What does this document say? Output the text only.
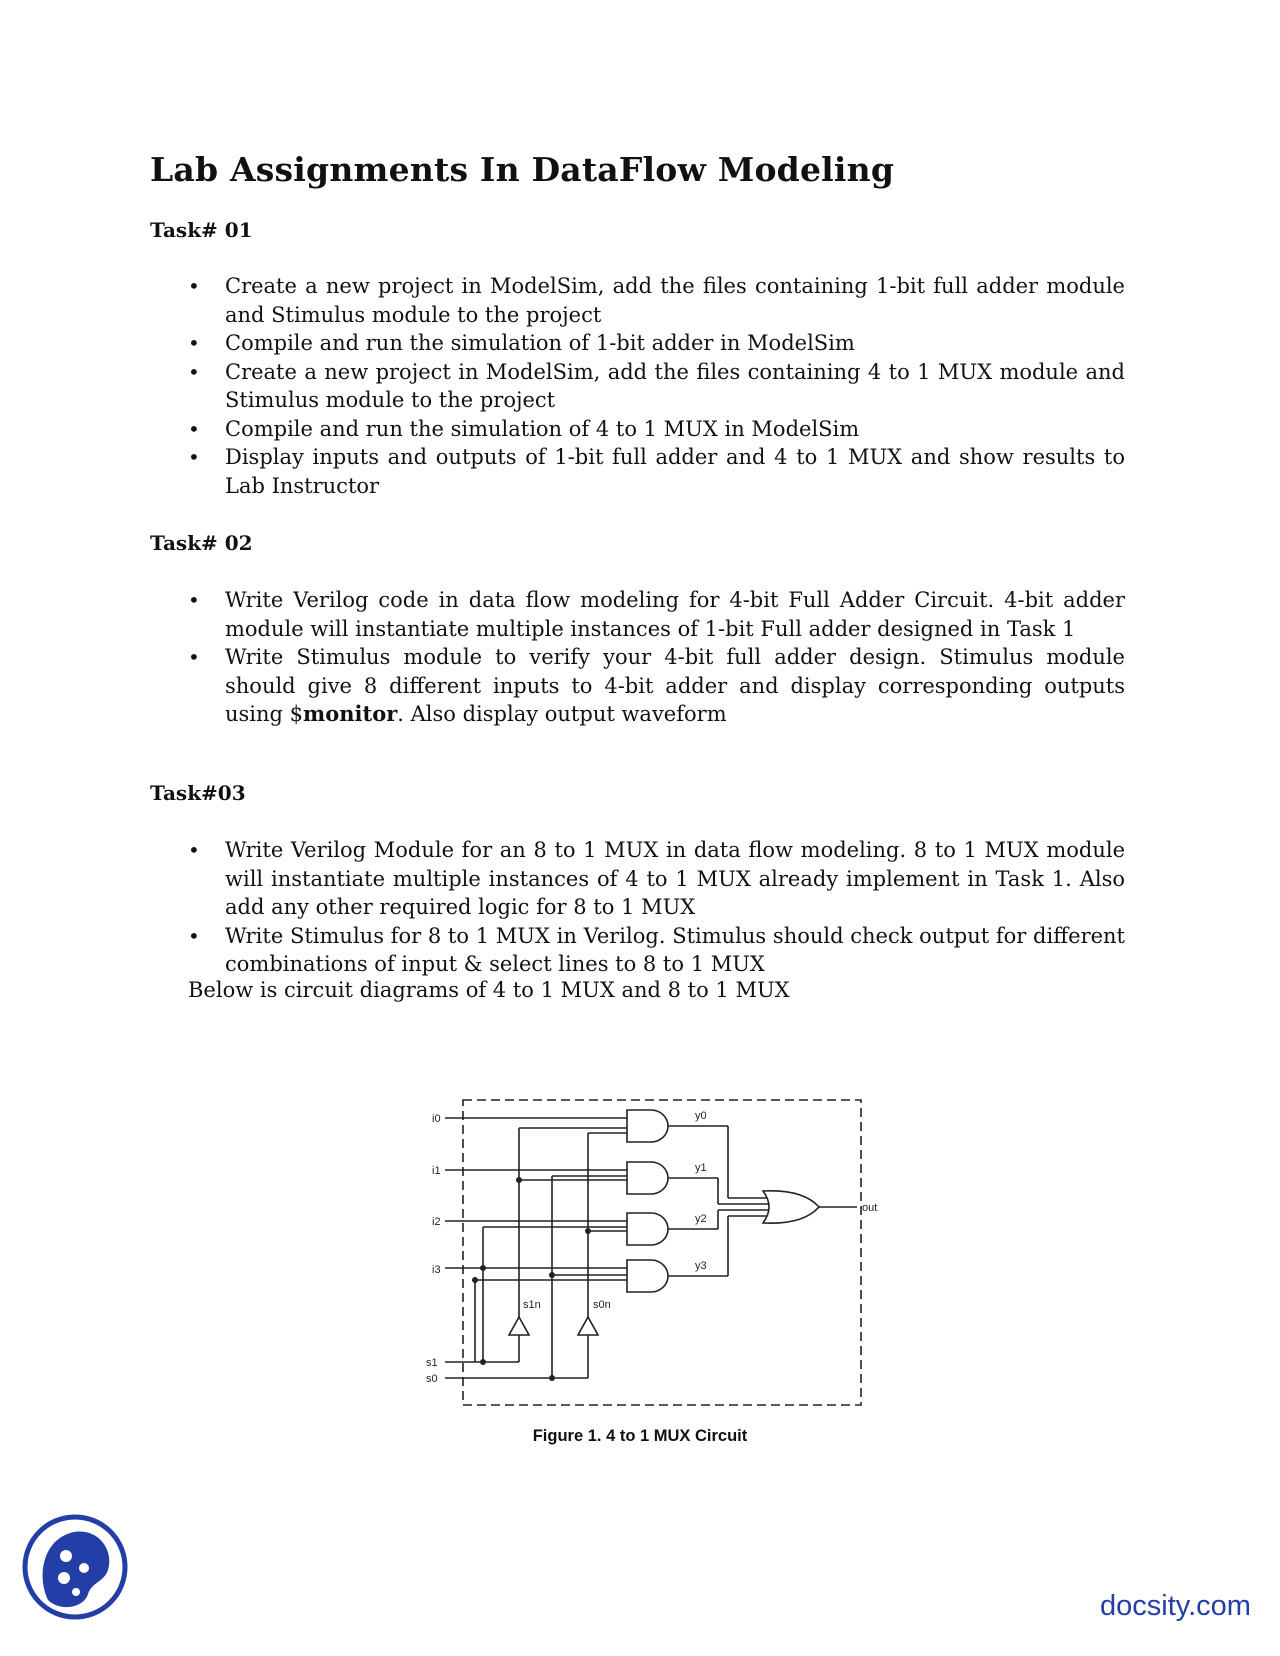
Lab Assignments In DataFlow Modeling
Task# 01
• Create a new project in ModelSim, add the files containing 1-bit full adder module and Stimulus module to the project
• Compile and run the simulation of 1-bit adder in ModelSim
• Create a new project in ModelSim, add the files containing 4 to 1 MUX module and Stimulus module to the project
• Compile and run the simulation of 4 to 1 MUX in ModelSim
• Display inputs and outputs of 1-bit full adder and 4 to 1 MUX and show results to Lab Instructor
Task# 02
• Write Verilog code in data flow modeling for 4-bit Full Adder Circuit. 4-bit adder module will instantiate multiple instances of 1-bit Full adder designed in Task 1
• Write Stimulus module to verify your 4-bit full adder design. Stimulus module should give 8 different inputs to 4-bit adder and display corresponding outputs using $monitor. Also display output waveform
Task#03
• Write Verilog Module for an 8 to 1 MUX in data flow modeling. 8 to 1 MUX module will instantiate multiple instances of 4 to 1 MUX already implement in Task 1. Also add any other required logic for 8 to 1 MUX
• Write Stimulus for 8 to 1 MUX in Verilog. Stimulus should check output for different combinations of input & select lines to 8 to 1 MUX

Below is circuit diagrams of 4 to 1 MUX and 8 to 1 MUX

i0
i1
i2
i3
s1
s0
s1n	s0n
y0
y1
y2
y3
out

Figure 1. 4 to 1 MUX Circuit

docsity.com
